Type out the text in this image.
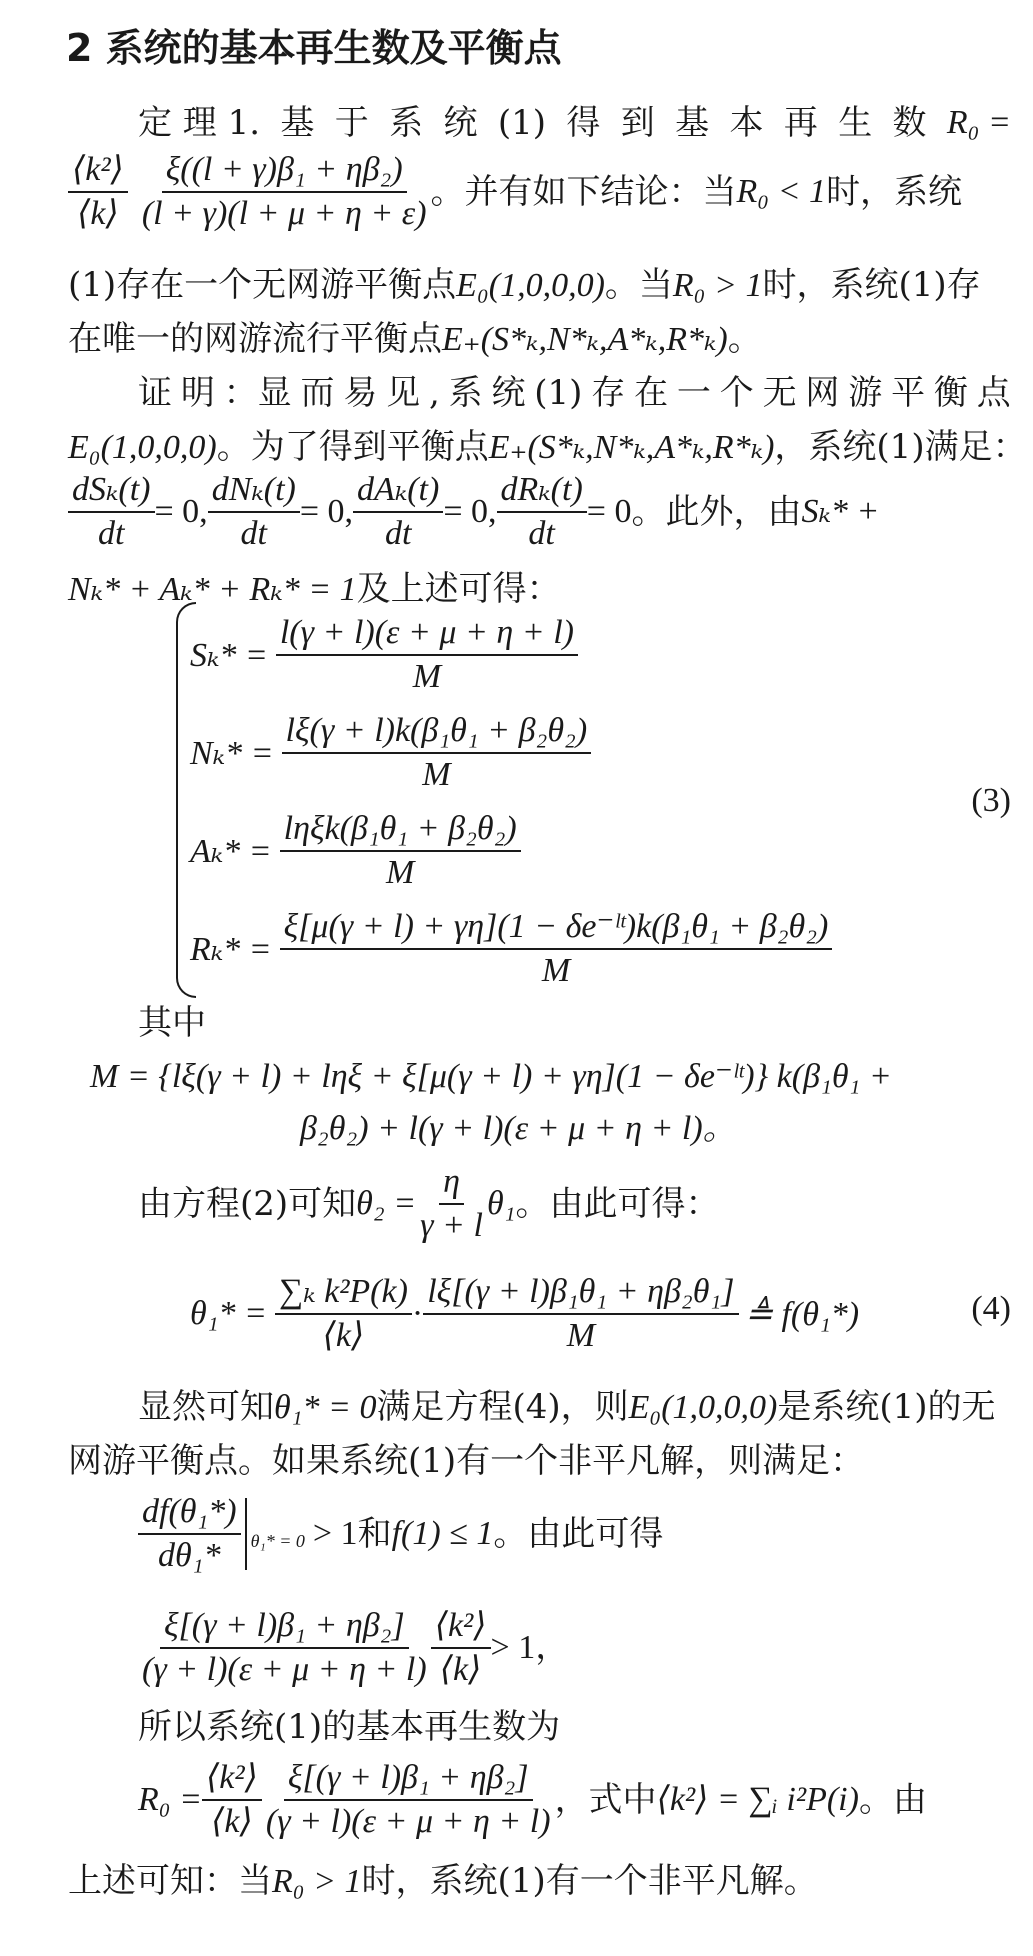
2 系统的基本再生数及平衡点
定 理 1. 基 于 系 统 (1) 得 到 基 本 再 生 数 R₀ =
$\frac{\text{⟨k²⟩}}{⟨k⟩} \frac{\text{ξ((l + γ)β₁ + ηβ₂)}}{(l + \gamma)(l + \mu + \eta + \varepsilon)}$ 。并有如下结论：当 R₀ < 1 时，系统
(1)存在一个无网游平衡点E₀(1,0,0,0)。当R₀ > 1时，系统(1)存
在唯一的网游流行平衡点E₊(S*ₖ,N*ₖ,A*ₖ,R*ₖ)。
证 明 ：显 而 易 见 , 系 统 (1) 存 在 一 个 无 网 游 平 衡 点
E₀(1,0,0,0)。为了得到平衡点E₊(S*ₖ,N*ₖ,A*ₖ,R*ₖ)，系统(1)满足：
$\frac{\text{dSₖ(t)}}{dt} = 0$, $\frac{\text{dNₖ(t)}}{dt} = 0$, $\frac{\text{dAₖ(t)}}{dt} = 0$, $\frac{\text{dRₖ(t)}}{dt} = 0$ 。此外，由 Sₖ* +
Nₖ* + Aₖ* + Rₖ* = 1及上述可得：
$S_k* = \frac{l(\gamma + l)(\varepsilon + \mu + \eta + l)}{M}$
$N_k* = \frac{\text{lξ(γ + l)k(β₁θ₁ + β₂θ₂)}}{M}$
$A_k* = \frac{\text{lηξk(β₁θ₁ + β₂θ₂)}}{M}$
$R_k* = \frac{\text{ξ[μ(γ + l) + γη](1 − δe⁻ˡᵗ)k(β₁θ₁ + β₂θ₂)}}{M}$
(3)
其中
M = {lξ(γ + l) + lηξ + ξ[μ(γ + l) + γη](1 − δe⁻ˡᵗ)} k(β₁θ₁ +
β₂θ₂) + l(γ + l)(ε + μ + η + l)。
由方程(2)可知 $\theta_2 = \frac{\eta}{\gamma + l} \theta_1$ 。由此可得：
$\theta_1* = \frac{\text{∑ₖ k²P(k)}}{⟨k⟩} \cdot \frac{\text{lξ[(γ + l)β₁θ₁ + ηβ₂θ₁]}}{M}$ ≜ f(θ₁*)	(4)
显然可知θ₁* = 0满足方程(4)，则E₀(1,0,0,0)是系统(1)的无
网游平衡点。如果系统(1)有一个非平凡解，则满足：
$\frac{\text{df(θ₁*)}}{\text{dθ₁*}} \theta_1* = 0 > 1$ 和 f(1) ≤ 1 。由此可得
$\frac{\text{ξ[(γ + l)β₁ + ηβ₂]}}{(\gamma + l)(\varepsilon + \mu + \eta + l)} \frac{\text{⟨k²⟩}}{⟨k⟩} > 1$，
所以系统(1)的基本再生数为
$R_0 = \frac{\text{⟨k²⟩}}{⟨k⟩} \frac{\text{ξ[(γ + l)β₁ + ηβ₂]}}{(\gamma + l)(\varepsilon + \mu + \eta + l)}$ ，式中 ⟨k²⟩ = ∑ᵢ i²P(i) 。由
上述可知：当R₀ > 1时，系统(1)有一个非平凡解。
